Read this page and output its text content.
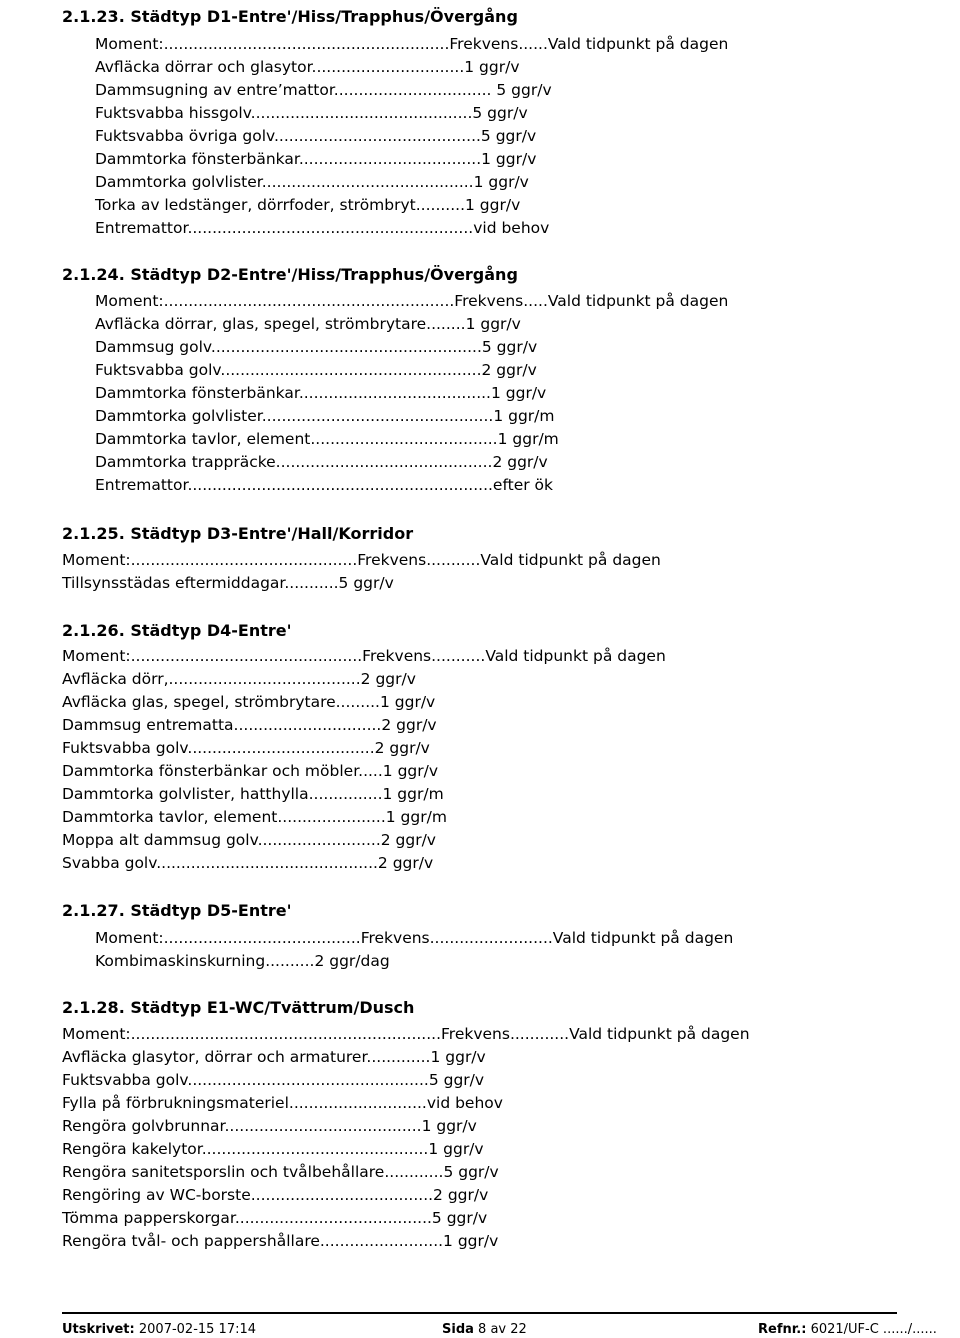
2.1.23. Städtyp D1-Entre'/Hiss/Trapphus/Övergång
Moment:..........................................................Frekvens......Vald tidpunkt på dagen
Avfläcka dörrar och glasytor...............................1 ggr/v
Dammsugning av entre’mattor................................ 5 ggr/v
Fuktsvabba hissgolv.............................................5 ggr/v
Fuktsvabba övriga golv..........................................5 ggr/v
Dammtorka fönsterbänkar.....................................1 ggr/v
Dammtorka golvlister...........................................1 ggr/v
Torka av ledstänger, dörrfoder, strömbryt..........1 ggr/v
Entremattor..........................................................vid behov
2.1.24. Städtyp D2-Entre'/Hiss/Trapphus/Övergång
Moment:...........................................................Frekvens.....Vald tidpunkt på dagen
Avfläcka dörrar, glas, spegel, strömbrytare........1 ggr/v
Dammsug golv.......................................................5 ggr/v
Fuktsvabba golv.....................................................2 ggr/v
Dammtorka fönsterbänkar.......................................1 ggr/v
Dammtorka golvlister...............................................1 ggr/m
Dammtorka tavlor, element......................................1 ggr/m
Dammtorka trappräcke............................................2 ggr/v
Entremattor..............................................................efter ök
2.1.25. Städtyp D3-Entre'/Hall/Korridor
Moment:..............................................Frekvens...........Vald tidpunkt på dagen
Tillsynsstädas eftermiddagar...........5 ggr/v
2.1.26. Städtyp D4-Entre'
Moment:...............................................Frekvens...........Vald tidpunkt på dagen
Avfläcka dörr,.......................................2 ggr/v
Avfläcka glas, spegel, strömbrytare.........1 ggr/v
Dammsug entrematta..............................2 ggr/v
Fuktsvabba golv......................................2 ggr/v
Dammtorka fönsterbänkar och möbler.....1 ggr/v
Dammtorka golvlister, hatthylla...............1 ggr/m
Dammtorka tavlor, element......................1 ggr/m
Moppa alt dammsug golv.........................2 ggr/v
Svabba golv.............................................2 ggr/v
2.1.27. Städtyp D5-Entre'
Moment:........................................Frekvens.........................Vald tidpunkt på dagen
Kombimaskinskurning..........2 ggr/dag
2.1.28. Städtyp E1-WC/Tvättrum/Dusch
Moment:...............................................................Frekvens............Vald tidpunkt på dagen
Avfläcka glasytor, dörrar och armaturer.............1 ggr/v
Fuktsvabba golv.................................................5 ggr/v
Fylla på förbrukningsmateriel............................vid behov
Rengöra golvbrunnar........................................1 ggr/v
Rengöra kakelytor..............................................1 ggr/v
Rengöra sanitetsporslin och tvålbehållare............5 ggr/v
Rengöring av WC-borste.....................................2 ggr/v
Tömma papperskorgar........................................5 ggr/v
Rengöra tvål- och pappershållare.........................1 ggr/v
Utskrivet: 2007-02-15 17:14	Sida 8 av 22	Refnr.: 6021/UF-C ....../......
